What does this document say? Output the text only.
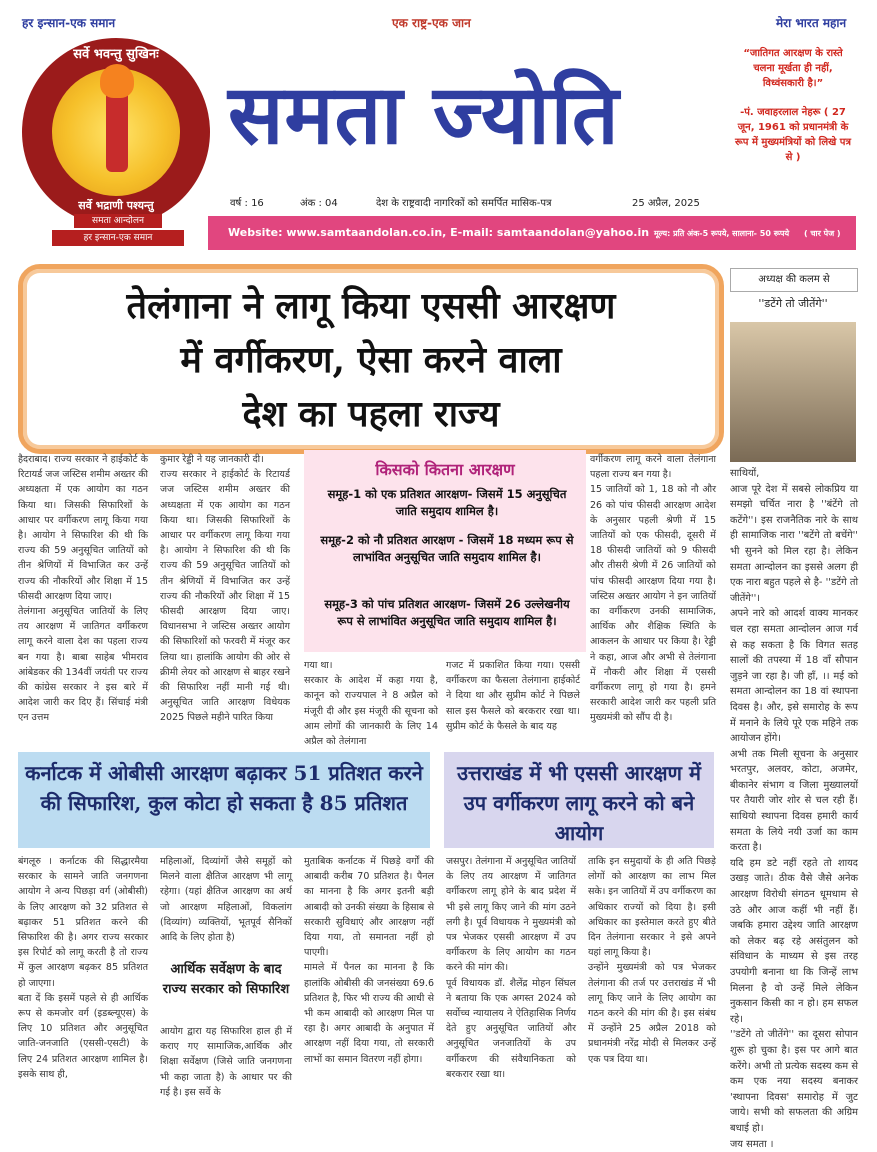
हर इन्सान-एक समान	एक राष्ट्र-एक जान	मेरा भारत महान
सर्वे भवन्तु सुखिनः
सर्वे भद्राणी पश्यन्तु
समता आन्दोलन
हर इन्सान-एक समान
समता ज्योति
“जातिगत आरक्षण के रास्ते चलना मूर्खता ही नहीं, विध्वंसकारी है।”
-पं. जवाहरलाल नेहरू ( 27 जून, 1961 को प्रधानमंत्री के रूप में मुख्यमंत्रियों को लिखे पत्र से )
वर्ष : 16	अंक : 04	देश के राष्ट्रवादी नागरिकों को समर्पित मासिक-पत्र	25 अप्रैल, 2025
Website: www.samtaandolan.co.in, E-mail: samtaandolan@yahoo.in मूल्य: प्रति अंक-5 रूपये, सालाना- 50 रूपये ( चार पेज )
तेलंगाना ने लागू किया एससी आरक्षण
में वर्गीकरण, ऐसा करने वाला
देश का पहला राज्य
अध्यक्ष की कलम से
''डटेंगे तो जीतेंगे''
साथियों,
आज पूरे देश में सबसे लोकप्रिय या समझो चर्चित नारा है ''बंटेंगे तो कटेंगे''। इस राजनैतिक नारे के साथ ही सामाजिक नारा ''बटेंगे तो बचेंगे'' भी सुनने को मिल रहा है। लेकिन समता आन्दोलन का इससे अलग ही एक नारा बहुत पहले से है- ''डटेंगे तो जीतेंगे''।
अपने नारे को आदर्श वाक्य मानकर चल रहा समता आन्दोलन आज गर्व से कह सकता है कि विगत सतह सालों की तपस्या में 18 वाँ सौपान जुड़ने जा रहा है। जी हाँ, ।। मई को समता आन्दोलन का 18 वां स्थापना दिवस है। और, इसे समारोह के रूप में मनाने के लिये पूरे एक महिने तक आयोजन होंगे।
अभी तक मिली सूचना के अनुसार भरतपुर, अलवर, कोटा, अजमेर, बीकानेर संभाग व जिला मुख्यालयों पर तैयारी जोर शोर से चल रही हैं। साथियो स्थापना दिवस हमारी कार्य समता के लिये नयी उर्जा का काम करता है।
यदि हम डटे नहीं रहते तो शायद उखड़ जाते। ठीक वैसे जैसे अनेक आरक्षण विरोधी संगठन धूमधाम से उठे और आज कहीं भी नहीं हैं। जबकि हमारा उद्देश्य जाति आरक्षण को लेकर बढ़ रहे असंतुलन को संविधान के माध्यम से इस तरह उपयोगी बनाना था कि जिन्हें लाभ मिलना है वो उन्हें मिले लेकिन नुकसान किसी का न हो। हम सफल रहे।
''डटेंगे तो जीतेंगे'' का दूसरा सोपान शुरू हो चुका है। इस पर आगे बात करेंगे। अभी तो प्रत्येक सदस्य कम से कम एक नया सदस्य बनाकर 'स्थापना दिवस' समारोह में जुट जाये। सभी को सफलता की अग्रिम बधाई हो।
जय समता ।
हैदराबाद। राज्य सरकार ने हाईकोर्ट के रिटायर्ड जज जस्टिस शमीम अख्तर की अध्यक्षता में एक आयोग का गठन किया था। जिसकी सिफारिशों के आधार पर वर्गीकरण लागू किया गया है। आयोग ने सिफारिश की थी कि राज्य की 59 अनुसूचित जातियों को तीन श्रेणियों में विभाजित कर उन्हें राज्य की नौकरियों और शिक्षा में 15 फीसदी आरक्षण दिया जाए।
तेलंगाना अनुसूचित जातियों के लिए तय आरक्षण में जातिगत वर्गीकरण लागू करने वाला देश का पहला राज्य बन गया है। बाबा साहेब भीमराव आंबेडकर की 134वीं जयंती पर राज्य की कांग्रेस सरकार ने इस बारे में आदेश जारी कर दिए हैं। सिंचाई मंत्री एन उत्तम
कुमार रेड्डी ने यह जानकारी दी।
राज्य सरकार ने हाईकोर्ट के रिटायर्ड जज जस्टिस शमीम अख्तर की अध्यक्षता में एक आयोग का गठन किया था। जिसकी सिफारिशों के आधार पर वर्गीकरण लागू किया गया है। आयोग ने सिफारिश की थी कि राज्य की 59 अनुसूचित जातियों को तीन श्रेणियों में विभाजित कर उन्हें राज्य की नौकरियों और शिक्षा में 15 फीसदी आरक्षण दिया जाए। विधानसभा ने जस्टिस अख्तर आयोग की सिफारिशों को फरवरी में मंजूर कर लिया था। हालांकि आयोग की ओर से क्रीमी लेयर को आरक्षण से बाहर रखने की सिफारिश नहीं मानी गई थी। अनुसूचित जाति आरक्षण विधेयक 2025 पिछले महीने पारित किया
किसको कितना आरक्षण
समूह-1 को एक प्रतिशत आरक्षण- जिसमें 15 अनुसूचित जाति समुदाय शामिल है।
समूह-2 को नौ प्रतिशत आरक्षण - जिसमें 18 मध्यम रूप से लाभांवित अनुसूचित जाति समुदाय शामिल है।
समूह-3 को पांच प्रतिशत आरक्षण- जिसमें 26 उल्लेखनीय रूप से लाभांवित अनुसूचित जाति समुदाय शामिल है।
गया था।
सरकार के आदेश में कहा गया है, कानून को राज्यपाल ने 8 अप्रैल को मंजूरी दी और इस मंजूरी की सूचना को आम लोगों की जानकारी के लिए 14 अप्रैल को तेलंगाना
गजट में प्रकाशित किया गया। एससी वर्गीकरण का फैसला तेलंगाना हाईकोर्ट ने दिया था और सुप्रीम कोर्ट ने पिछले साल इस फैसले को बरकरार रखा था। सुप्रीम कोर्ट के फैसले के बाद यह
वर्गीकरण लागू करने वाला तेलंगाना पहला राज्य बन गया है।
15 जातियों को 1, 18 को नौ और 26 को पांच फीसदी आरक्षण आदेश के अनुसार पहली श्रेणी में 15 जातियों को एक फीसदी, दूसरी में 18 फीसदी जातियों को 9 फीसदी और तीसरी श्रेणी में 26 जातियों को पांच फीसदी आरक्षण दिया गया है। जस्टिस अख्तर आयोग ने इन जातियों का वर्गीकरण उनकी सामाजिक, आर्थिक और शैक्षिक स्थिति के आकलन के आधार पर किया है। रेड्डी ने कहा, आज और अभी से तेलंगाना में नौकरी और शिक्षा में एससी वर्गीकरण लागू हो गया है। हमने सरकारी आदेश जारी कर पहली प्रति मुख्यमंत्री को सौंप दी है।
कर्नाटक में ओबीसी आरक्षण बढ़ाकर 51 प्रतिशत करने की सिफारिश, कुल कोटा हो सकता है 85 प्रतिशत
बंगलूरु । कर्नाटक की सिद्धारमैया सरकार के सामने जाति जनगणना आयोग ने अन्य पिछड़ा वर्ग (ओबीसी) के लिए आरक्षण को 32 प्रतिशत से बढ़ाकर 51 प्रतिशत करने की सिफारिश की है। अगर राज्य सरकार इस रिपोर्ट को लागू करती है तो राज्य में कुल आरक्षण बढ़कर 85 प्रतिशत हो जाएगा।
बता दें कि इसमें पहले से ही आर्थिक रूप से कमजोर वर्ग (इडब्ल्यूएस) के लिए 10 प्रतिशत और अनुसूचित जाति-जनजाति (एससी-एसटी) के लिए 24 प्रतिशत आरक्षण शामिल है। इसके साथ ही,
महिलाओं, दिव्यांगों जैसे समूहों को मिलने वाला क्षैतिज आरक्षण भी लागू रहेगा। (यहां क्षैतिज आरक्षण का अर्थ जो आरक्षण महिलाओं, विकलांग (दिव्यांग) व्यक्तियों, भूतपूर्व सैनिकों आदि के लिए होता है)
आर्थिक सर्वेक्षण के बाद राज्य सरकार को सिफारिश
आयोग द्वारा यह सिफारिश हाल ही में कराए गए सामाजिक,आर्थिक और शिक्षा सर्वेक्षण (जिसे जाति जनगणना भी कहा जाता है) के आधार पर की गई है। इस सर्वे के
मुताबिक कर्नाटक में पिछड़े वर्गों की आबादी करीब 70 प्रतिशत है। पैनल का मानना है कि अगर इतनी बड़ी आबादी को उनकी संख्या के हिसाब से सरकारी सुविधाएं और आरक्षण नहीं दिया गया, तो समानता नहीं हो पाएगी।
मामले में पैनल का मानना है कि हालांकि ओबीसी की जनसंख्या 69.6 प्रतिशत है, फिर भी राज्य की आधी से भी कम आबादी को आरक्षण मिल पा रहा है। अगर आबादी के अनुपात में आरक्षण नहीं दिया गया, तो सरकारी लाभों का समान वितरण नहीं होगा।
उत्तराखंड में भी एससी आरक्षण में उप वर्गीकरण लागू करने को बने आयोग
जसपुर। तेलंगाना में अनुसूचित जातियों के लिए तय आरक्षण में जातिगत वर्गीकरण लागू होने के बाद प्रदेश में भी इसे लागू किए जाने की मांग उठने लगी है। पूर्व विधायक ने मुख्यमंत्री को पत्र भेजकर एससी आरक्षण में उप वर्गीकरण के लिए आयोग का गठन करने की मांग की।
पूर्व विधायक डॉ. शैलेंद्र मोहन सिंघल ने बताया कि एक अगस्त 2024 को सर्वोच्च न्यायालय ने ऐतिहासिक निर्णय देते हुए अनुसूचित जातियों और अनुसूचित जनजातियों के उप वर्गीकरण की संवैधानिकता को बरकरार रखा था।
ताकि इन समुदायों के ही अति पिछड़े लोगों को आरक्षण का लाभ मिल सके। इन जातियों में उप वर्गीकरण का अधिकार राज्यों को दिया है। इसी अधिकार का इस्तेमाल करते हुए बीते दिन तेलंगाना सरकार ने इसे अपने यहां लागू किया है।
उन्होंने मुख्यमंत्री को पत्र भेजकर तेलंगाना की तर्ज पर उत्तराखंड में भी लागू किए जाने के लिए आयोग का गठन करने की मांग की है। इस संबंध में उन्होंने 25 अप्रैल 2018 को प्रधानमंत्री नरेंद्र मोदी से मिलकर उन्हें एक पत्र दिया था।
